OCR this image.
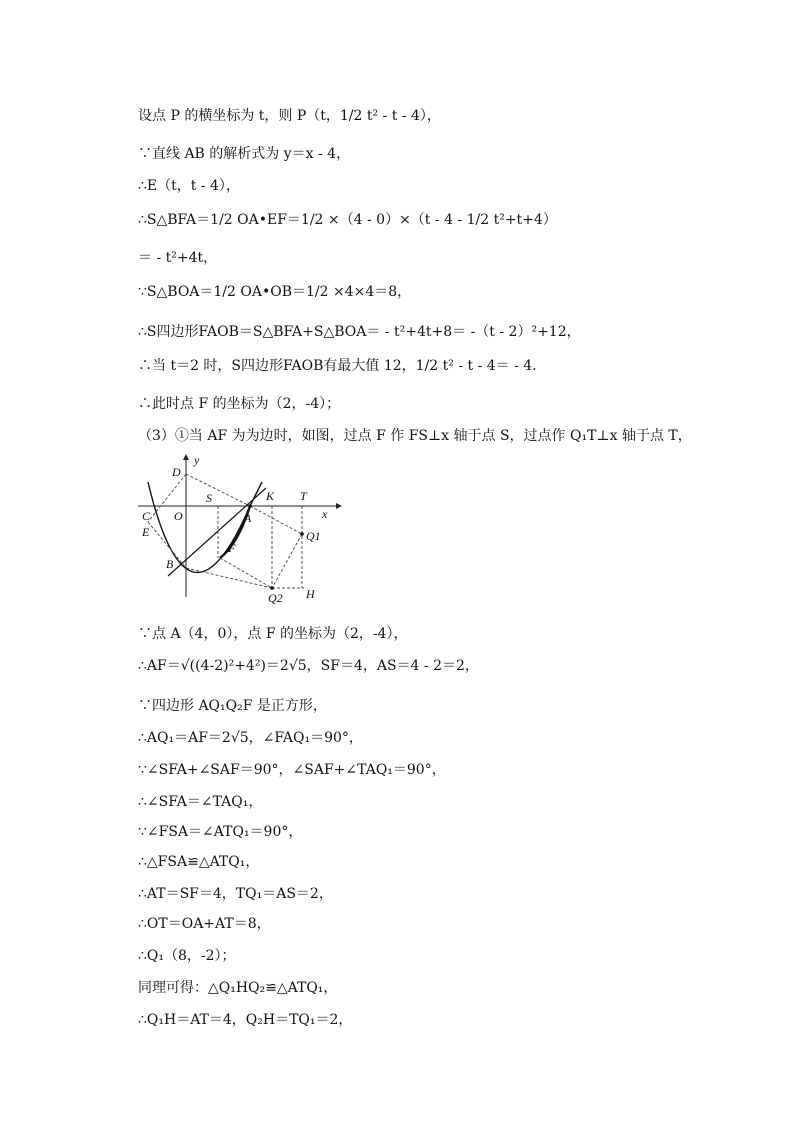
设点 P 的横坐标为 t，则 P（t，1/2 t² - t - 4），
∵直线 AB 的解析式为 y＝x - 4，
∴E（t，t - 4），
∴S△BFA＝1/2 OA•EF＝1/2 ×（4 - 0）×（t - 4 - 1/2 t²+t+4）
＝ - t²+4t，
∵S△BOA＝1/2 OA•OB＝1/2 ×4×4＝8，
∴S四边形FAOB＝S△BFA+S△BOA＝ - t²+4t+8＝ -（t - 2）²+12，
∴当 t＝2 时，S四边形FAOB有最大值 12，1/2 t² - t - 4＝ - 4．
∴此时点 F 的坐标为（2，-4）；
（3）①当 AF 为为边时，如图，过点 F 作 FS⊥x 轴于点 S，过点作 Q₁T⊥x 轴于点 T，
∵点 A（4，0），点 F 的坐标为（2，-4），
∴AF＝√((4-2)²+4²)＝2√5，SF＝4，AS＝4 - 2＝2，
∵四边形 AQ₁Q₂F 是正方形，
∴AQ₁＝AF＝2√5，∠FAQ₁＝90°，
∵∠SFA+∠SAF＝90°，∠SAF+∠TAQ₁＝90°，
∴∠SFA＝∠TAQ₁，
∵∠FSA＝∠ATQ₁＝90°，
∴△FSA≌△ATQ₁，
∴AT＝SF＝4，TQ₁＝AS＝2，
∴OT＝OA+AT＝8，
∴Q₁（8，-2）；
同理可得：△Q₁HQ₂≌△ATQ₁，
∴Q₁H＝AT＝4，Q₂H＝TQ₁＝2，
y
x
D
S	K T
C O	A
E	Q1
F
B
Q2 H
